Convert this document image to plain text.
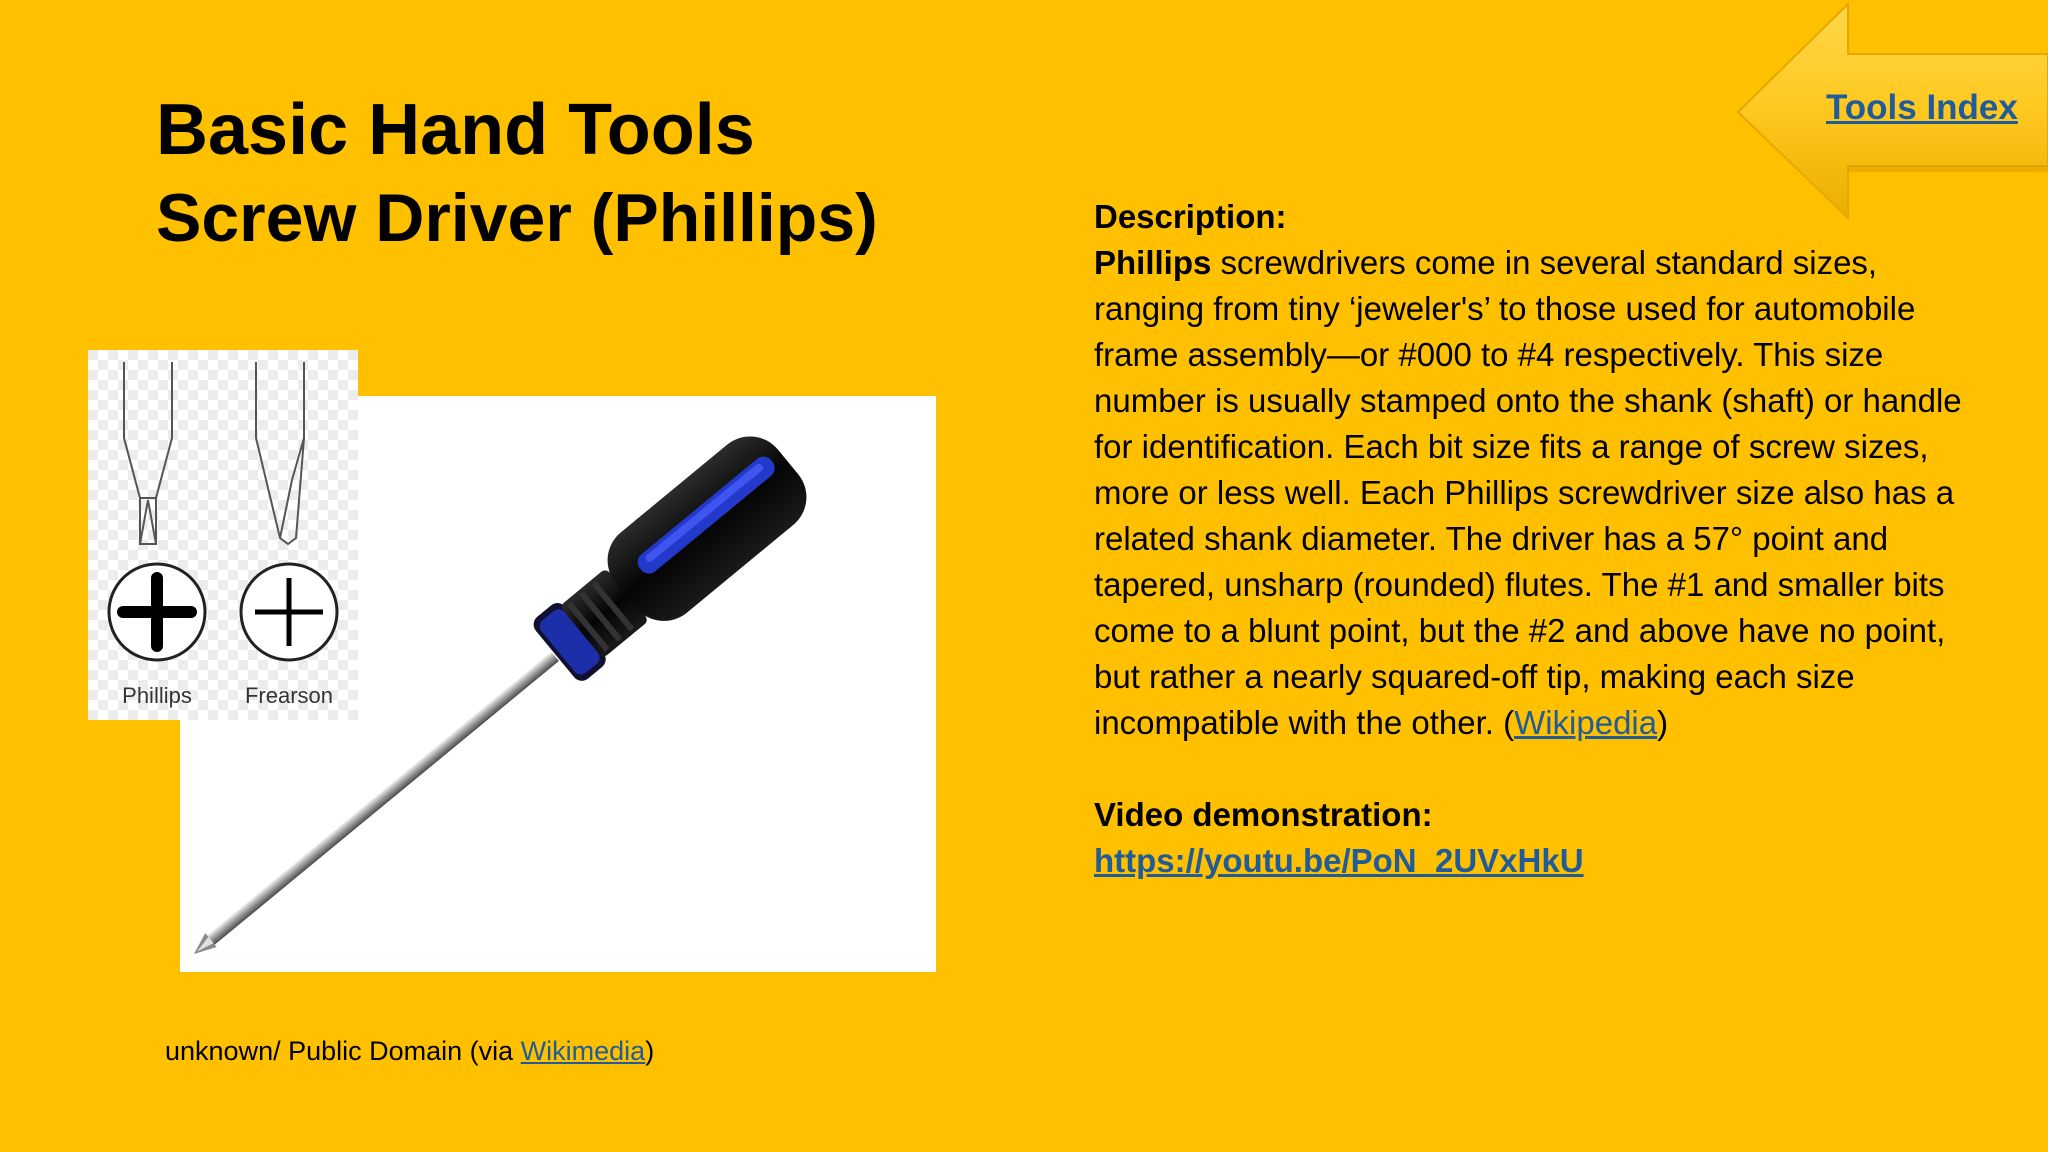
Basic Hand Tools
Screw Driver (Phillips)
Tools Index

Description:

Phillips screwdrivers come in several standard sizes, ranging from tiny ‘jeweler's’ to those used for automobile frame assembly—or #000 to #4 respectively. This size number is usually stamped onto the shank (shaft) or handle for identification. Each bit size fits a range of screw sizes, more or less well. Each Phillips screwdriver size also has a related shank diameter. The driver has a 57° point and tapered, unsharp (rounded) flutes. The #1 and smaller bits come to a blunt point, but the #2 and above have no point, but rather a nearly squared-off tip, making each size incompatible with the other. (Wikipedia)

Video demonstration:

https://youtu.be/PoN_2UVxHkU

Phillips Frearson
unknown/ Public Domain (via Wikimedia)
